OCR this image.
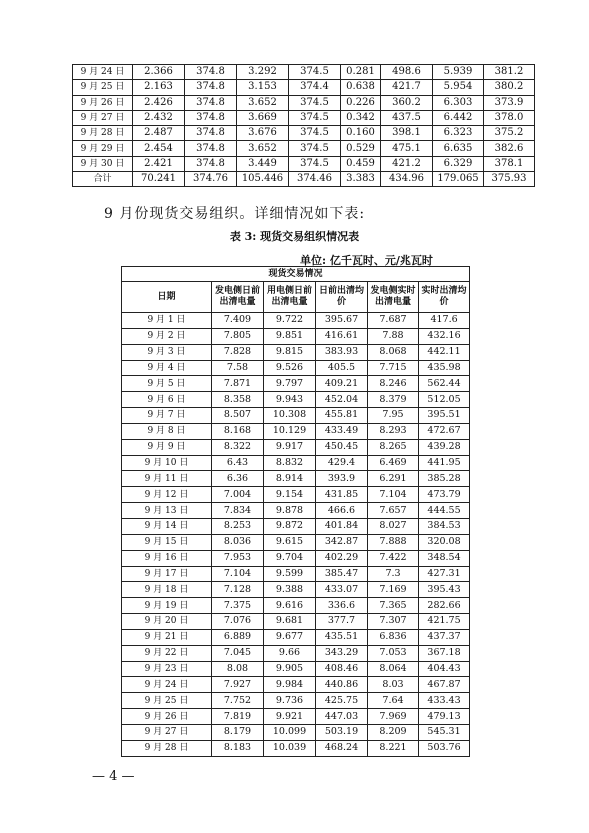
9 月 24 日	2.366	374.8	3.292	374.5	0.281	498.6	5.939	381.2
9 月 25 日	2.163	374.8	3.153	374.4	0.638	421.7	5.954	380.2
9 月 26 日	2.426	374.8	3.652	374.5	0.226	360.2	6.303	373.9
9 月 27 日	2.432	374.8	3.669	374.5	0.342	437.5	6.442	378.0
9 月 28 日	2.487	374.8	3.676	374.5	0.160	398.1	6.323	375.2
9 月 29 日	2.454	374.8	3.652	374.5	0.529	475.1	6.635	382.6
9 月 30 日	2.421	374.8	3.449	374.5	0.459	421.2	6.329	378.1
合计	70.241	374.76	105.446	374.46	3.383	434.96	179.065	375.93
9 月份现货交易组织。详细情况如下表:
表 3: 现货交易组织情况表
单位: 亿千瓦时、元/兆瓦时
现货交易情况					
日期	发电侧日前出清电量	用电侧日前出清电量	日前出清均价	发电侧实时出清电量	实时出清均价
9 月 1 日	7.409	9.722	395.67	7.687	417.6
9 月 2 日	7.805	9.851	416.61	7.88	432.16
9 月 3 日	7.828	9.815	383.93	8.068	442.11
9 月 4 日	7.58	9.526	405.5	7.715	435.98
9 月 5 日	7.871	9.797	409.21	8.246	562.44
9 月 6 日	8.358	9.943	452.04	8.379	512.05
9 月 7 日	8.507	10.308	455.81	7.95	395.51
9 月 8 日	8.168	10.129	433.49	8.293	472.67
9 月 9 日	8.322	9.917	450.45	8.265	439.28
9 月 10 日	6.43	8.832	429.4	6.469	441.95
9 月 11 日	6.36	8.914	393.9	6.291	385.28
9 月 12 日	7.004	9.154	431.85	7.104	473.79
9 月 13 日	7.834	9.878	466.6	7.657	444.55
9 月 14 日	8.253	9.872	401.84	8.027	384.53
9 月 15 日	8.036	9.615	342.87	7.888	320.08
9 月 16 日	7.953	9.704	402.29	7.422	348.54
9 月 17 日	7.104	9.599	385.47	7.3	427.31
9 月 18 日	7.128	9.388	433.07	7.169	395.43
9 月 19 日	7.375	9.616	336.6	7.365	282.66
9 月 20 日	7.076	9.681	377.7	7.307	421.75
9 月 21 日	6.889	9.677	435.51	6.836	437.37
9 月 22 日	7.045	9.66	343.29	7.053	367.18
9 月 23 日	8.08	9.905	408.46	8.064	404.43
9 月 24 日	7.927	9.984	440.86	8.03	467.87
9 月 25 日	7.752	9.736	425.75	7.64	433.43
9 月 26 日	7.819	9.921	447.03	7.969	479.13
9 月 27 日	8.179	10.099	503.19	8.209	545.31
9 月 28 日	8.183	10.039	468.24	8.221	503.76
— 4 —
